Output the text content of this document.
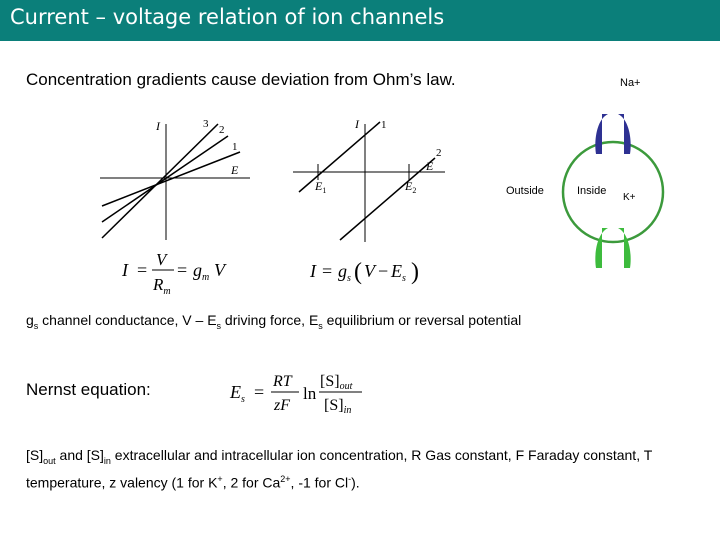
Current – voltage relation of ion channels
Concentration gradients cause deviation from Ohm’s law.
I	3 2
1
E
I 1
2
E
$E_1$	$E_2$
I =
V
$R_m$
= $g_m$ V	$I = g_s$ ( $V - E_s$ )
Na+
K+
Outside	Inside
$g_s$ channel conductance, V – $E_s$ driving force, $E_s$ equilibrium or reversal potential
Nernst equation:	$E_s$ =
RT
zF
ln
[S]out
[S]in
$[S]_{out}$ and $[S]_{in}$ extracellular and intracellular ion concentration, R Gas constant, F Faraday constant, T temperature, z valency (1 for K+, 2 for $Ca^{2+}$, -1 for Cl-).
